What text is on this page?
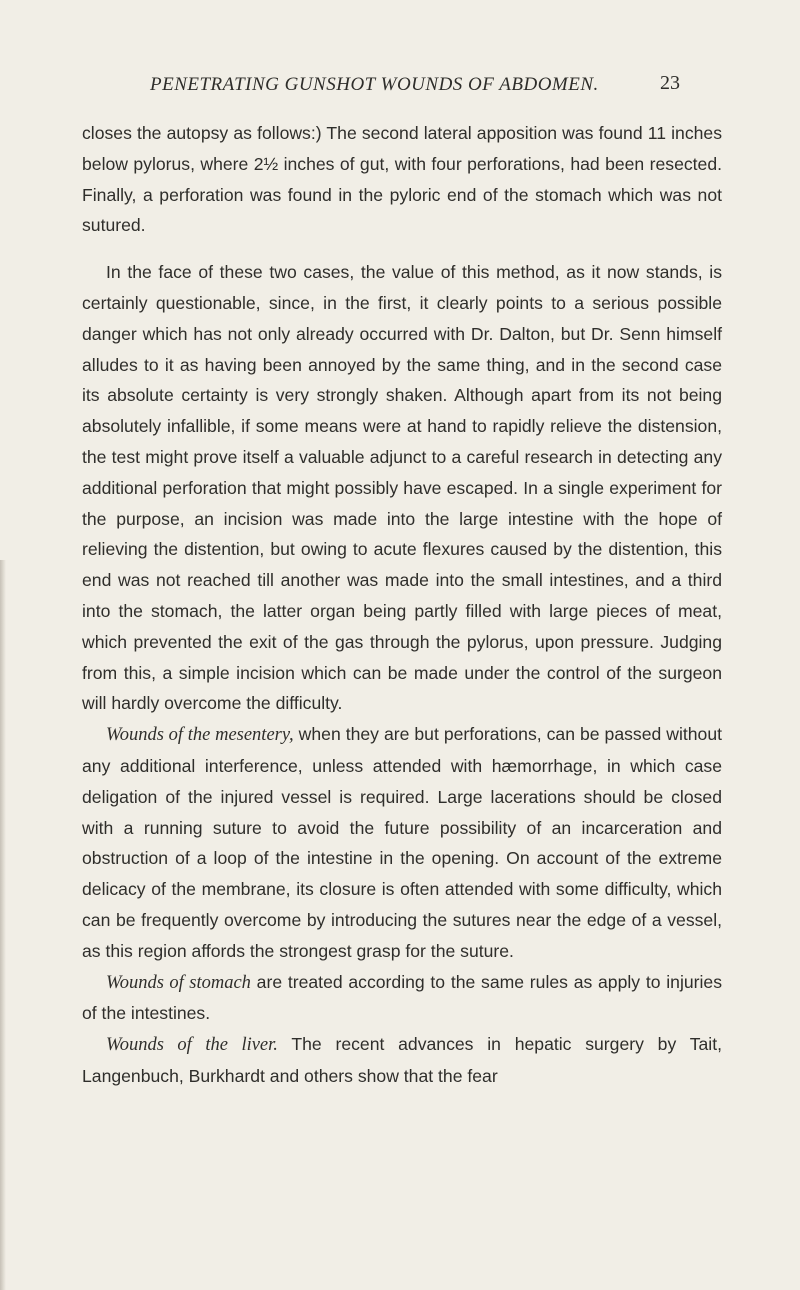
PENETRATING GUNSHOT WOUNDS OF ABDOMEN.	23

closes the autopsy as follows:) The second lateral apposition was found 11 inches below pylorus, where 2½ inches of gut, with four perforations, had been resected. Finally, a perforation was found in the pyloric end of the stomach which was not sutured.

In the face of these two cases, the value of this method, as it now stands, is certainly questionable, since, in the first, it clearly points to a serious possible danger which has not only already occurred with Dr. Dalton, but Dr. Senn himself alludes to it as having been annoyed by the same thing, and in the second case its absolute certainty is very strongly shaken. Although apart from its not being absolutely infallible, if some means were at hand to rapidly relieve the distension, the test might prove itself a valuable adjunct to a careful research in detecting any additional perforation that might possibly have escaped. In a single experiment for the purpose, an incision was made into the large intestine with the hope of relieving the distention, but owing to acute flexures caused by the distention, this end was not reached till another was made into the small intestines, and a third into the stomach, the latter organ being partly filled with large pieces of meat, which prevented the exit of the gas through the pylorus, upon pressure. Judging from this, a simple incision which can be made under the control of the surgeon will hardly overcome the difficulty.

Wounds of the mesentery, when they are but perforations, can be passed without any additional interference, unless attended with hæmorrhage, in which case deligation of the injured vessel is required. Large lacerations should be closed with a running suture to avoid the future possibility of an incarceration and obstruction of a loop of the intestine in the opening. On account of the extreme delicacy of the membrane, its closure is often attended with some difficulty, which can be frequently overcome by introducing the sutures near the edge of a vessel, as this region affords the strongest grasp for the suture.

Wounds of stomach are treated according to the same rules as apply to injuries of the intestines.

Wounds of the liver. The recent advances in hepatic surgery by Tait, Langenbuch, Burkhardt and others show that the fear
